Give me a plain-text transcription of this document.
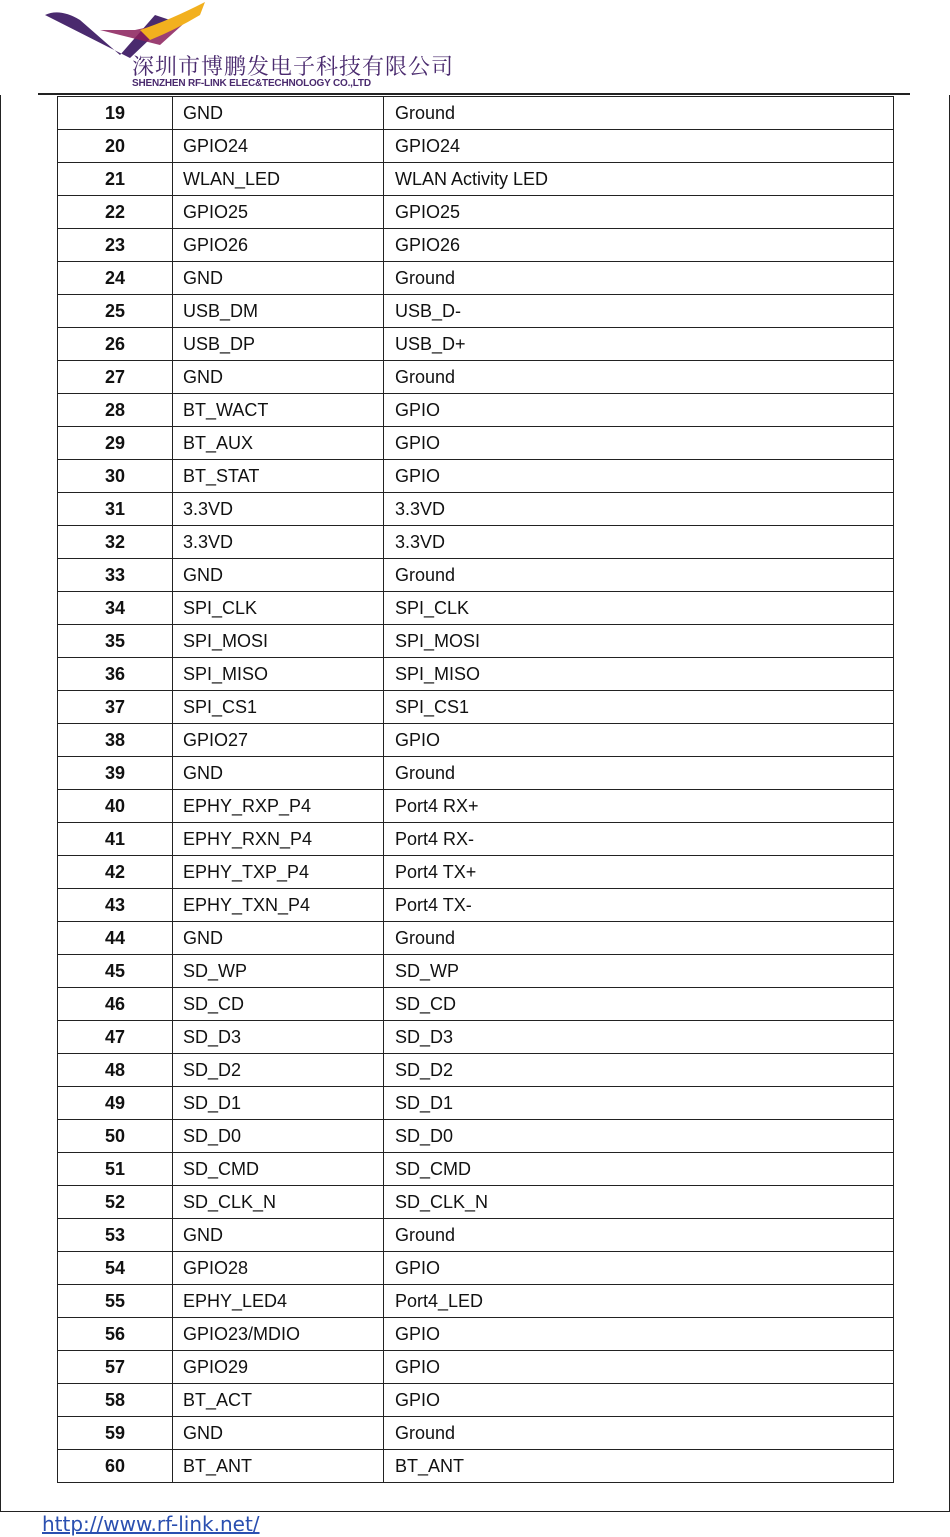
深圳市博鹏发电子科技有限公司
SHENZHEN RF-LINK ELEC&TECHNOLOGY CO.,LTD
19	GND	Ground
20	GPIO24	GPIO24
21	WLAN_LED	WLAN Activity LED
22	GPIO25	GPIO25
23	GPIO26	GPIO26
24	GND	Ground
25	USB_DM	USB_D-
26	USB_DP	USB_D+
27	GND	Ground
28	BT_WACT	GPIO
29	BT_AUX	GPIO
30	BT_STAT	GPIO
31	3.3VD	3.3VD
32	3.3VD	3.3VD
33	GND	Ground
34	SPI_CLK	SPI_CLK
35	SPI_MOSI	SPI_MOSI
36	SPI_MISO	SPI_MISO
37	SPI_CS1	SPI_CS1
38	GPIO27	GPIO
39	GND	Ground
40	EPHY_RXP_P4	Port4 RX+
41	EPHY_RXN_P4	Port4 RX-
42	EPHY_TXP_P4	Port4 TX+
43	EPHY_TXN_P4	Port4 TX-
44	GND	Ground
45	SD_WP	SD_WP
46	SD_CD	SD_CD
47	SD_D3	SD_D3
48	SD_D2	SD_D2
49	SD_D1	SD_D1
50	SD_D0	SD_D0
51	SD_CMD	SD_CMD
52	SD_CLK_N	SD_CLK_N
53	GND	Ground
54	GPIO28	GPIO
55	EPHY_LED4	Port4_LED
56	GPIO23/MDIO	GPIO
57	GPIO29	GPIO
58	BT_ACT	GPIO
59	GND	Ground
60	BT_ANT	BT_ANT
http://www.rf-link.net/
